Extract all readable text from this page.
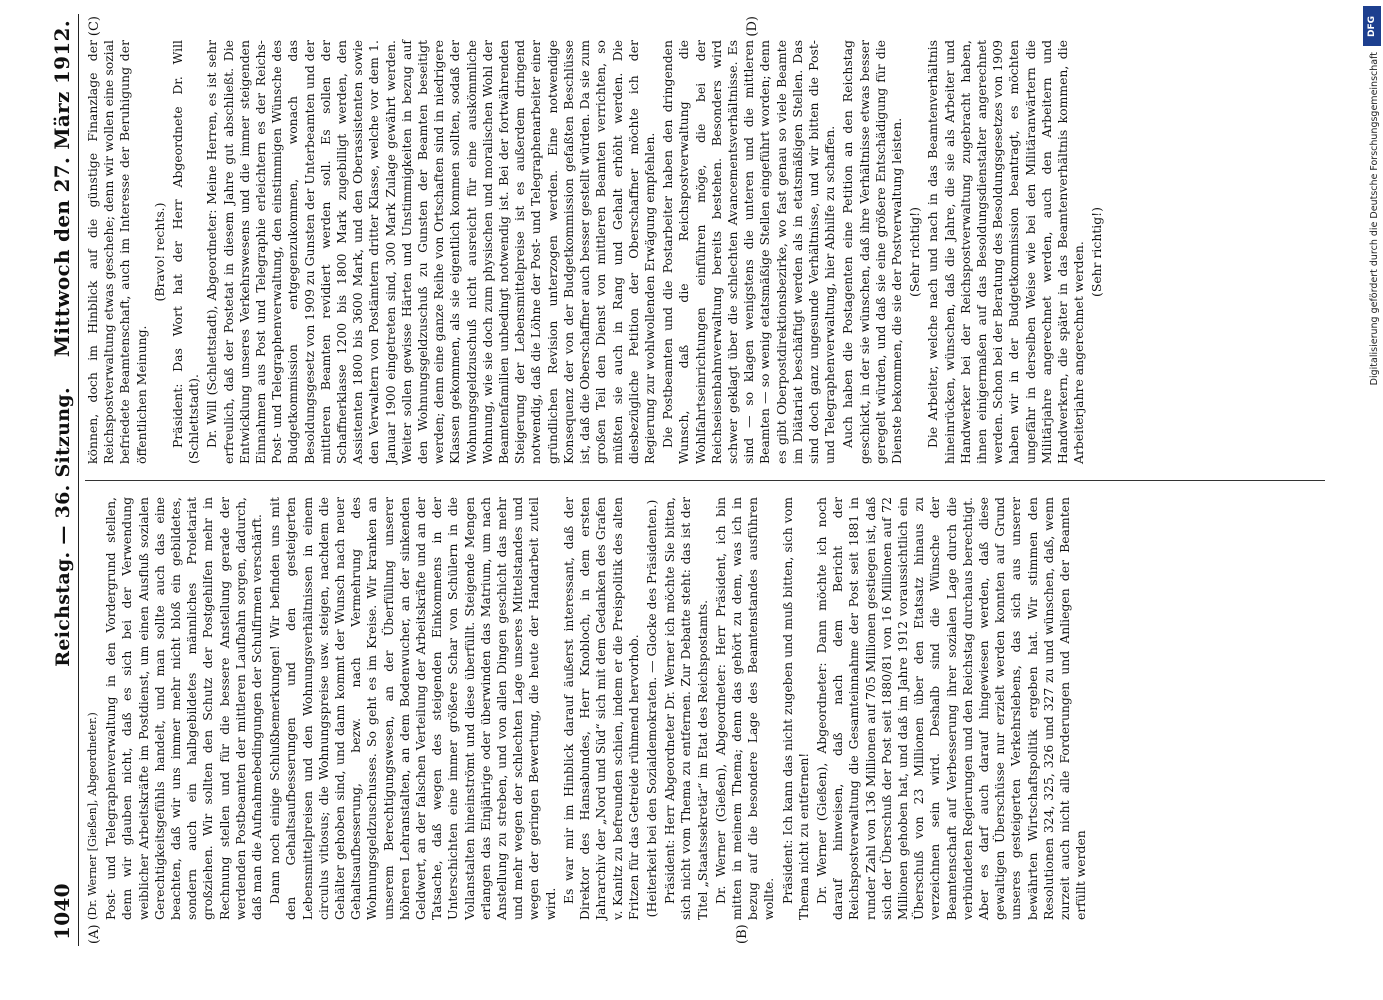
1040
Reichstag. — 36. Sitzung.
Mittwoch den 27. März 1912.
(A)	(B)
(C)	(D)

(Dr. Werner [Gießen], Abgeordneter.) Post- und Telegraphenverwaltung in den Vordergrund stellen, denn wir glauben nicht, daß es sich bei der Verwendung weiblicher Arbeitskräfte im Postdienst, um einen Ausfluß sozialen Gerechtigkeitsgefühls handelt, und man sollte auch das eine beachten, daß wir uns immer mehr nicht bloß ein gebildetes, sondern auch ein halbgebildetes männliches Proletariat großziehen. Wir sollten den Schutz der Postgehilfen mehr in Rechnung stellen und für die bessere Anstellung gerade der werdenden Postbeamten der mittleren Laufbahn sorgen, dadurch, daß man die Aufnahmebedingungen der Schulfirmen verschärft. Dann noch einige Schlußbemerkungen! Wir befinden uns mit den Gehaltsaufbesserungen und den gesteigerten Lebensmittelpreisen und den Wohnungsverhältnissen in einem circulus vitiosus; die Wohnungspreise usw. steigen, nachdem die Gehälter gehoben sind, und dann kommt der Wunsch nach neuer Gehaltsaufbesserung, bezw. nach Vermehrung des Wohnungsgeldzuschusses. So geht es im Kreise. Wir kranken an unserem Berechtigungswesen, an der Überfüllung unserer höheren Lehranstalten, an dem Bodenwucher, an der sinkenden Geldwert, an der falschen Verteilung der Arbeitskräfte und an der Tatsache, daß wegen des steigenden Einkommens in der Unterschichten eine immer größere Schar von Schülern in die Vollanstalten hineinströmt und diese überfüllt. Steigende Mengen erlangen das Einjährige oder überwinden das Matrium, um nach Anstellung zu streben, und von allen Dingen geschicht das mehr und mehr wegen der schlechten Lage unseres Mittelstandes und wegen der geringen Bewertung, die heute der Handarbeit zuteil wird. Es war mir im Hinblick darauf äußerst interessant, daß der Direktor des Hansabundes, Herr Knobloch, in dem ersten Jahrarchiv der „Nord und Süd“ sich mit dem Gedanken des Grafen v. Kanitz zu befreunden schien, indem er die Preispolitik des alten Fritzen für das Getreide rühmend hervorhob. (Heiterkeit bei den Sozialdemokraten. — Glocke des Präsidenten.) Präsident: Herr Abgeordneter Dr. Werner ich möchte Sie bitten, sich nicht vom Thema zu entfernen. Zur Debatte steht: das ist der Titel „Staatssekretär“ im Etat des Reichspostamts. Dr. Werner (Gießen), Abgeordneter: Herr Präsident, ich bin mitten in meinem Thema; denn das gehört zu dem, was ich in bezug auf die besondere Lage des Beamtenstandes ausführen wollte. Präsident: Ich kann das nicht zugeben und muß bitten, sich vom Thema nicht zu entfernen! Dr. Werner (Gießen), Abgeordneter: Dann möchte ich noch darauf hinweisen, daß nach dem Bericht der Reichspostverwaltung die Gesamteinnahme der Post seit 1881 in runder Zahl von 136 Millionen auf 705 Millionen gestiegen ist, daß sich der Überschuß der Post seit 1880/81 von 16 Millionen auf 72 Millionen gehoben hat, und daß im Jahre 1912 voraussichtlich ein Überschuß von 23 Millionen über den Etatsatz hinaus zu verzeichnen sein wird. Deshalb sind die Wünsche der Beamtenschaft auf Verbesserung ihrer sozialen Lage durch die verbündeten Regierungen und den Reichstag durchaus berechtigt. Aber es darf auch darauf hingewiesen werden, daß diese gewaltigen Überschüsse nur erzielt werden konnten auf Grund unseres gesteigerten Verkehrslebens, das sich aus unserer bewährten Wirtschaftspolitik ergeben hat. Wir stimmen den Resolutionen 324, 325, 326 und 327 zu und wünschen, daß, wenn zurzeit auch nicht alle Forderungen und Anliegen der Beamten erfüllt werden

können, doch im Hinblick auf die günstige Finanzlage der Reichspostverwaltung etwas geschehe; denn wir wollen eine sozial befriedete Beamtenschaft, auch im Interesse der Beruhigung der öffentlichen Meinung.

(Bravo! rechts.) Präsident: Das Wort hat der Herr Abgeordnete Dr. Will (Schlettstadt). Dr. Will (Schlettstadt), Abgeordneter: Meine Herren, es ist sehr erfreulich, daß der Postetat in diesem Jahre gut abschließt. Die Entwicklung unseres Verkehrswesens und die immer steigenden Einnahmen aus Post und Telegraphie erleichtern es der Reichs-Post- und Telegraphenverwaltung, den einstimmigen Wünsche des Budgetkommission entgegenzukommen, wonach das Besoldungsgesetz von 1909 zu Gunsten der Unterbeamten und der mittleren Beamten revidiert werden soll. Es sollen der Schaffnerklasse 1200 bis 1800 Mark zugebilligt werden, den Assistenten 1800 bis 3600 Mark, und den Oberassistenten sowie den Verwaltern von Postämtern dritter Klasse, welche vor dem 1. Januar 1900 eingetreten sind, 300 Mark Zulage gewährt werden. Weiter sollen gewisse Härten und Unstimmigkeiten in bezug auf den Wohnungsgeldzuschuß zu Gunsten der Beamten beseitigt werden; denn eine ganze Reihe von Ortschaften sind in niedrigere Klassen gekommen, als sie eigentlich kommen sollten, sodaß der Wohnungsgeldzuschuß nicht ausreicht für eine auskömmliche Wohnung, wie sie doch zum physischen und moralischen Wohl der Beamtenfamilien unbedingt notwendig ist. Bei der fortwährenden Steigerung der Lebensmittelpreise ist es außerdem dringend notwendig, daß die Löhne der Post- und Telegraphenarbeiter einer gründlichen Revision unterzogen werden. Eine notwendige Konsequenz der von der Budgetkommission gefaßten Beschlüsse ist, daß die Oberschaffner auch besser gestellt würden. Da sie zum großen Teil den Dienst von mittleren Beamten verrichten, so müßten sie auch in Rang und Gehalt erhöht werden. Die diesbezügliche Petition der Oberschaffner möchte ich der Regierung zur wohlwollenden Erwägung empfehlen. Die Postbeamten und die Postarbeiter haben den dringenden Wunsch, daß die Reichspostverwaltung die Wohlfahrtseinrichtungen einführen möge, die bei der Reichseisenbahnverwaltung bereits bestehen. Besonders wird schwer geklagt über die schlechten Avancementsverhältnisse. Es sind — so klagen wenigstens die unteren und die mittleren Beamten — so wenig etatsmäßige Stellen eingeführt worden; denn es gibt Oberpostdirektionsbezirke, wo fast genau so viele Beamte im Diätariat beschäftigt werden als in etatsmäßigen Stellen. Das sind doch ganz ungesunde Verhältnisse, und wir bitten die Post- und Telegraphenverwaltung, hier Abhilfe zu schaffen. Auch haben die Postagenten eine Petition an den Reichstag geschickt, in der sie wünschen, daß ihre Verhältnisse etwas besser geregelt würden, und daß sie eine größere Entschädigung für die Dienste bekommen, die sie der Postverwaltung leisten. (Sehr richtig!) Die Arbeiter, welche nach und nach in das Beamtenverhältnis hineinrücken, wünschen, daß die Jahre, die sie als Arbeiter und Handwerker bei der Reichspostverwaltung zugebracht haben, ihnen einigermaßen auf das Besoldungsdienstalter angerechnet werden. Schon bei der Beratung des Besoldungsgesetzes von 1909 haben wir in der Budgetkommission beantragt, es möchten ungefähr in derselben Weise wie bei den Militäranwärtern die Militärjahre angerechnet werden, auch den Arbeitern und Handwerkern, die später in das Beamtenverhältnis kommen, die Arbeiterjahre angerechnet werden. (Sehr richtig!)

DFG
Digitalisierung gefördert durch die Deutsche Forschungsgemeinschaft
